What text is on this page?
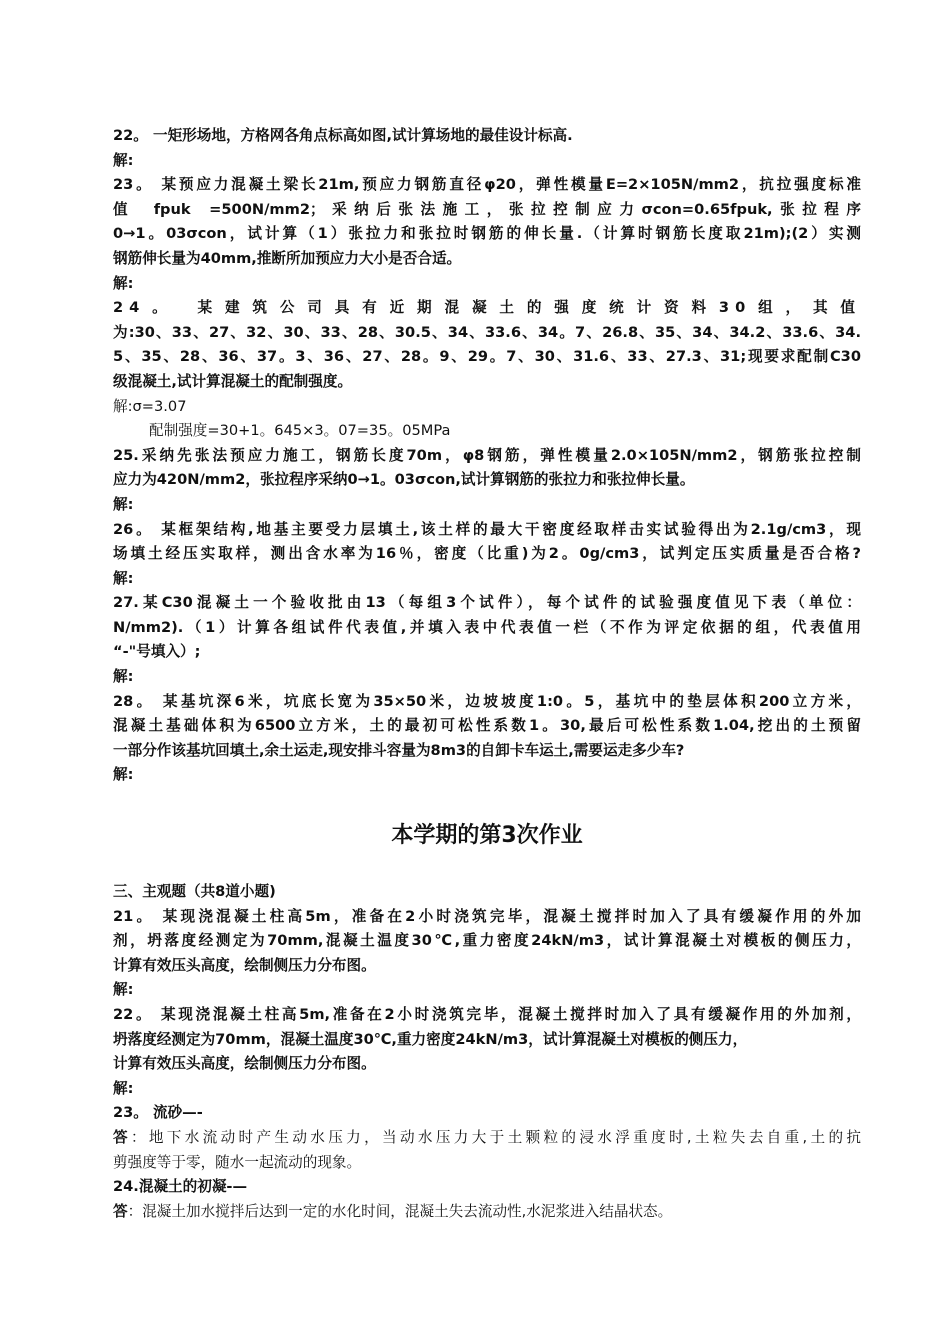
22。 一矩形场地，方格网各角点标高如图,试计算场地的最佳设计标高.

解:

23。 某预应力混凝土梁长21m,预应力钢筋直径φ20，弹性模量E=2×105N/mm2，抗拉强度标准

值 fpuk =500N/mm2；采纳后张法施工，张拉控制应力σcon=0.65fpuk,张拉程序

0→1。03σcon，试计算（1）张拉力和张拉时钢筋的伸长量.（计算时钢筋长度取21m);(2）实测

钢筋伸长量为40mm,推断所加预应力大小是否合适。

解:

24。 某建筑公司具有近期混凝土的强度统计资料30组，其值

为:30、33、27、32、30、33、28、30.5、34、33.6、34。7、26.8、35、34、34.2、33.6、34.

5、35、28、36、37。3、36、27、28。9、29。7、30、31.6、33、27.3、31;现要求配制C30

级混凝土,试计算混凝土的配制强度。

解:σ=3.07

配制强度=30+1。645×3。07=35。05MPa

25.采纳先张法预应力施工，钢筋长度70m，φ8钢筋，弹性模量2.0×105N/mm2，钢筋张拉控制

应力为420N/mm2，张拉程序采纳0→1。03σcon,试计算钢筋的张拉力和张拉伸长量。

解:

26。 某框架结构,地基主要受力层填土,该土样的最大干密度经取样击实试验得出为2.1g/cm3，现

场填土经压实取样，测出含水率为16％，密度（比重)为2。0g/cm3，试判定压实质量是否合格?

解:

27.某C30混凝土一个验收批由13（每组3个试件），每个试件的试验强度值见下表（单位：

N/mm2).（1）计算各组试件代表值,并填入表中代表值一栏（不作为评定依据的组，代表值用

“-"号填入）;

解:

28。 某基坑深6米，坑底长宽为35×50米，边坡坡度1:0。5，基坑中的垫层体积200立方米，

混凝土基础体积为6500立方米，土的最初可松性系数1。30,最后可松性系数1.04,挖出的土预留

一部分作该基坑回填土,余土运走,现安排斗容量为8m3的自卸卡车运土,需要运走多少车?

解:

本学期的第3次作业

三、主观题（共8道小题)

21。 某现浇混凝土柱高5m，准备在2小时浇筑完毕，混凝土搅拌时加入了具有缓凝作用的外加

剂，坍落度经测定为70mm,混凝土温度30℃,重力密度24kN/m3，试计算混凝土对模板的侧压力，

计算有效压头高度，绘制侧压力分布图。

解:

22。 某现浇混凝土柱高5m,准备在2小时浇筑完毕，混凝土搅拌时加入了具有缓凝作用的外加剂，

坍落度经测定为70mm，混凝土温度30℃,重力密度24kN/m3，试计算混凝土对模板的侧压力，

计算有效压头高度，绘制侧压力分布图。

解:

23。 流砂—-

答：地下水流动时产生动水压力，当动水压力大于土颗粒的浸水浮重度时,土粒失去自重,土的抗

剪强度等于零，随水一起流动的现象。

24.混凝土的初凝-—

答：混凝土加水搅拌后达到一定的水化时间，混凝土失去流动性,水泥浆进入结晶状态。
